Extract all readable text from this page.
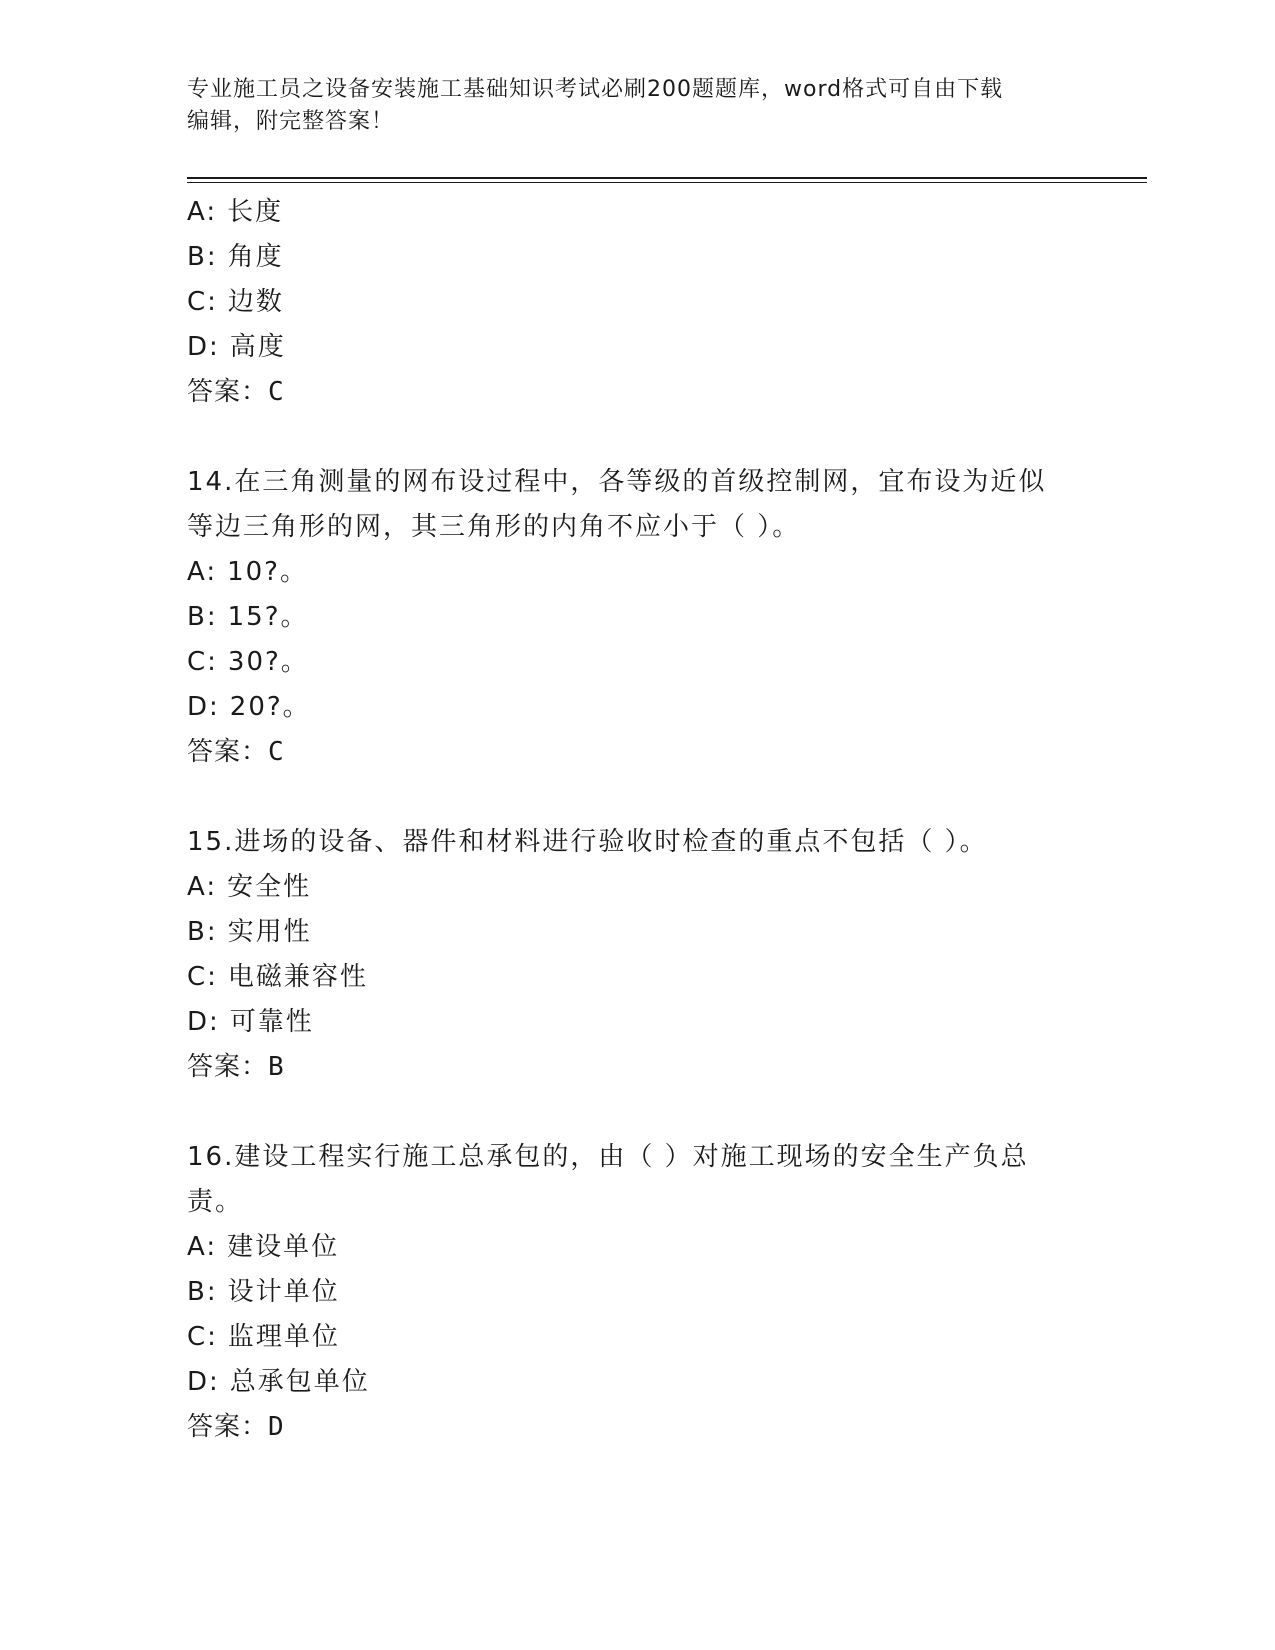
专业施工员之设备安装施工基础知识考试必刷200题题库，word格式可自由下载
编辑，附完整答案！
A: 长度
B: 角度
C: 边数
D: 高度
答案：C
14.在三角测量的网布设过程中，各等级的首级控制网，宜布设为近似
等边三角形的网，其三角形的内角不应小于（ ）。
A: 10?。
B: 15?。
C: 30?。
D: 20?。
答案：C
15.进场的设备、器件和材料进行验收时检查的重点不包括（ ）。
A: 安全性
B: 实用性
C: 电磁兼容性
D: 可靠性
答案：B
16.建设工程实行施工总承包的，由（ ）对施工现场的安全生产负总
责。
A: 建设单位
B: 设计单位
C: 监理单位
D: 总承包单位
答案：D
